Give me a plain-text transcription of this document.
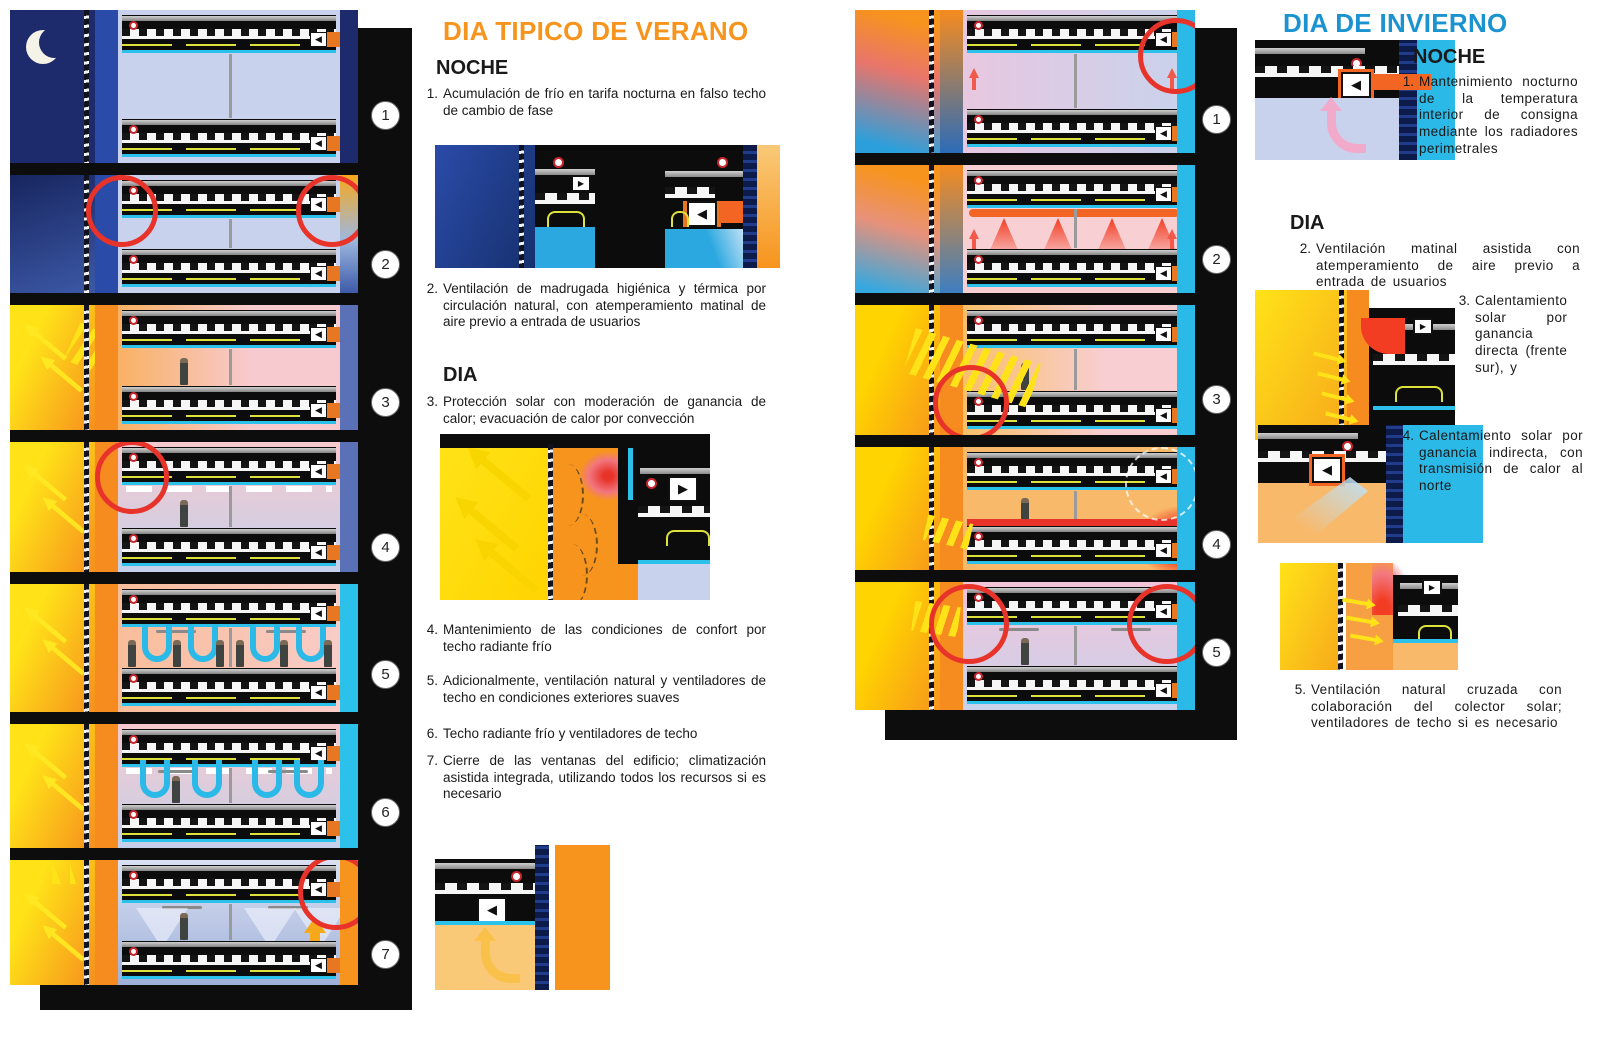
◀
◀
◀
◀
◀
◀
◀
◀
◀
◀
◀
◀
◀
◀
1
2
3
4
5
6
7
DIA TIPICO DE VERANO
NOCHE
1. Acumulación de frío en tarifa nocturna en falso techo de cambio de fase
▶
◀
2. Ventilación de madrugada higiénica y térmica por circulación natural, con atemperamiento matinal de aire previo a entrada de usuarios
DIA
3. Protección solar con moderación de ganancia de calor; evacuación de calor por convección
▶
4. Mantenimiento de las condiciones de confort por techo radiante frío
5. Adicionalmente, ventilación natural y ventiladores de techo en condiciones exteriores suaves
6. Techo radiante frío y ventiladores de techo
7. Cierre de las ventanas del edificio; climatización asistida integrada, utilizando todos los recursos si es necesario
◀
◀
◀
◀
◀
◀
◀
◀
◀
◀
◀
1
2
3
4
5
DIA DE INVIERNO
◀
NOCHE
1. Mantenimiento nocturno de la temperatura interior de consigna mediante los radiadores perimetrales
DIA
2. Ventilación matinal asistida con atemperamiento de aire previo a entrada de usuarios
▶
3. Calentamiento solar por ganancia directa (frente sur), y
◀
4. Calentamiento solar por ganancia indirecta, con transmisión de calor al norte
▶
5. Ventilación natural cruzada con colaboración del colector solar; ventiladores de techo si es necesario
